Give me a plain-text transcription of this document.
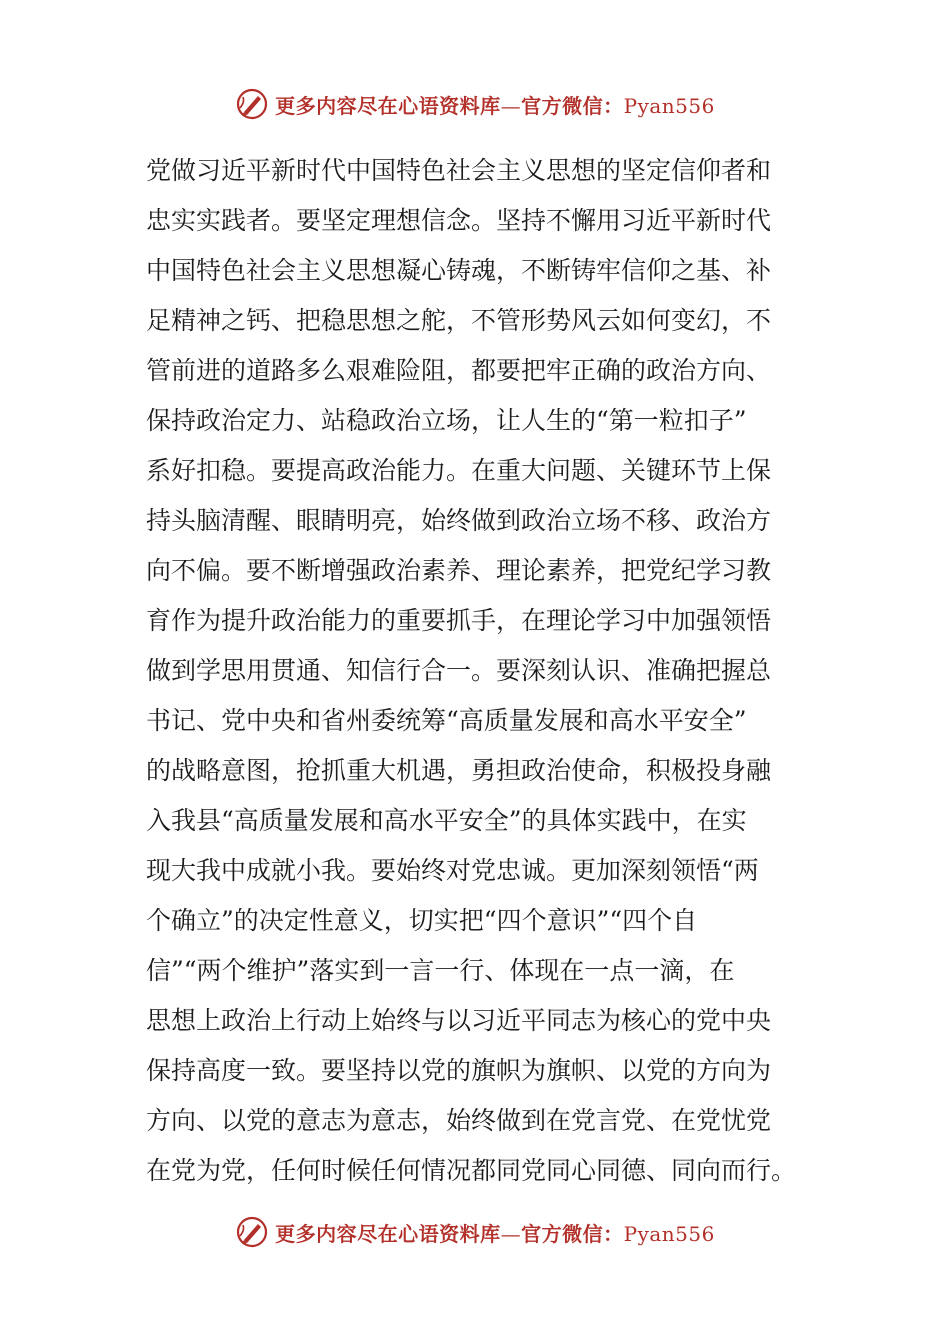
更多内容尽在心语资料库—官方微信：Pyan556
党做习近平新时代中国特色社会主义思想的坚定信仰者和
忠实实践者。要坚定理想信念。坚持不懈用习近平新时代
中国特色社会主义思想凝心铸魂，不断铸牢信仰之基、补
足精神之钙、把稳思想之舵，不管形势风云如何变幻，不
管前进的道路多么艰难险阻，都要把牢正确的政治方向、
保持政治定力、站稳政治立场，让人生的“第一粒扣子”
系好扣稳。要提高政治能力。在重大问题、关键环节上保
持头脑清醒、眼睛明亮，始终做到政治立场不移、政治方
向不偏。要不断增强政治素养、理论素养，把党纪学习教
育作为提升政治能力的重要抓手，在理论学习中加强领悟
做到学思用贯通、知信行合一。要深刻认识、准确把握总
书记、党中央和省州委统筹“高质量发展和高水平安全”
的战略意图，抢抓重大机遇，勇担政治使命，积极投身融
入我县“高质量发展和高水平安全”的具体实践中，在实
现大我中成就小我。要始终对党忠诚。更加深刻领悟“两
个确立”的决定性意义，切实把“四个意识”“四个自
信”“两个维护”落实到一言一行、体现在一点一滴，在
思想上政治上行动上始终与以习近平同志为核心的党中央
保持高度一致。要坚持以党的旗帜为旗帜、以党的方向为
方向、以党的意志为意志，始终做到在党言党、在党忧党
在党为党，任何时候任何情况都同党同心同德、同向而行。
更多内容尽在心语资料库—官方微信：Pyan556
